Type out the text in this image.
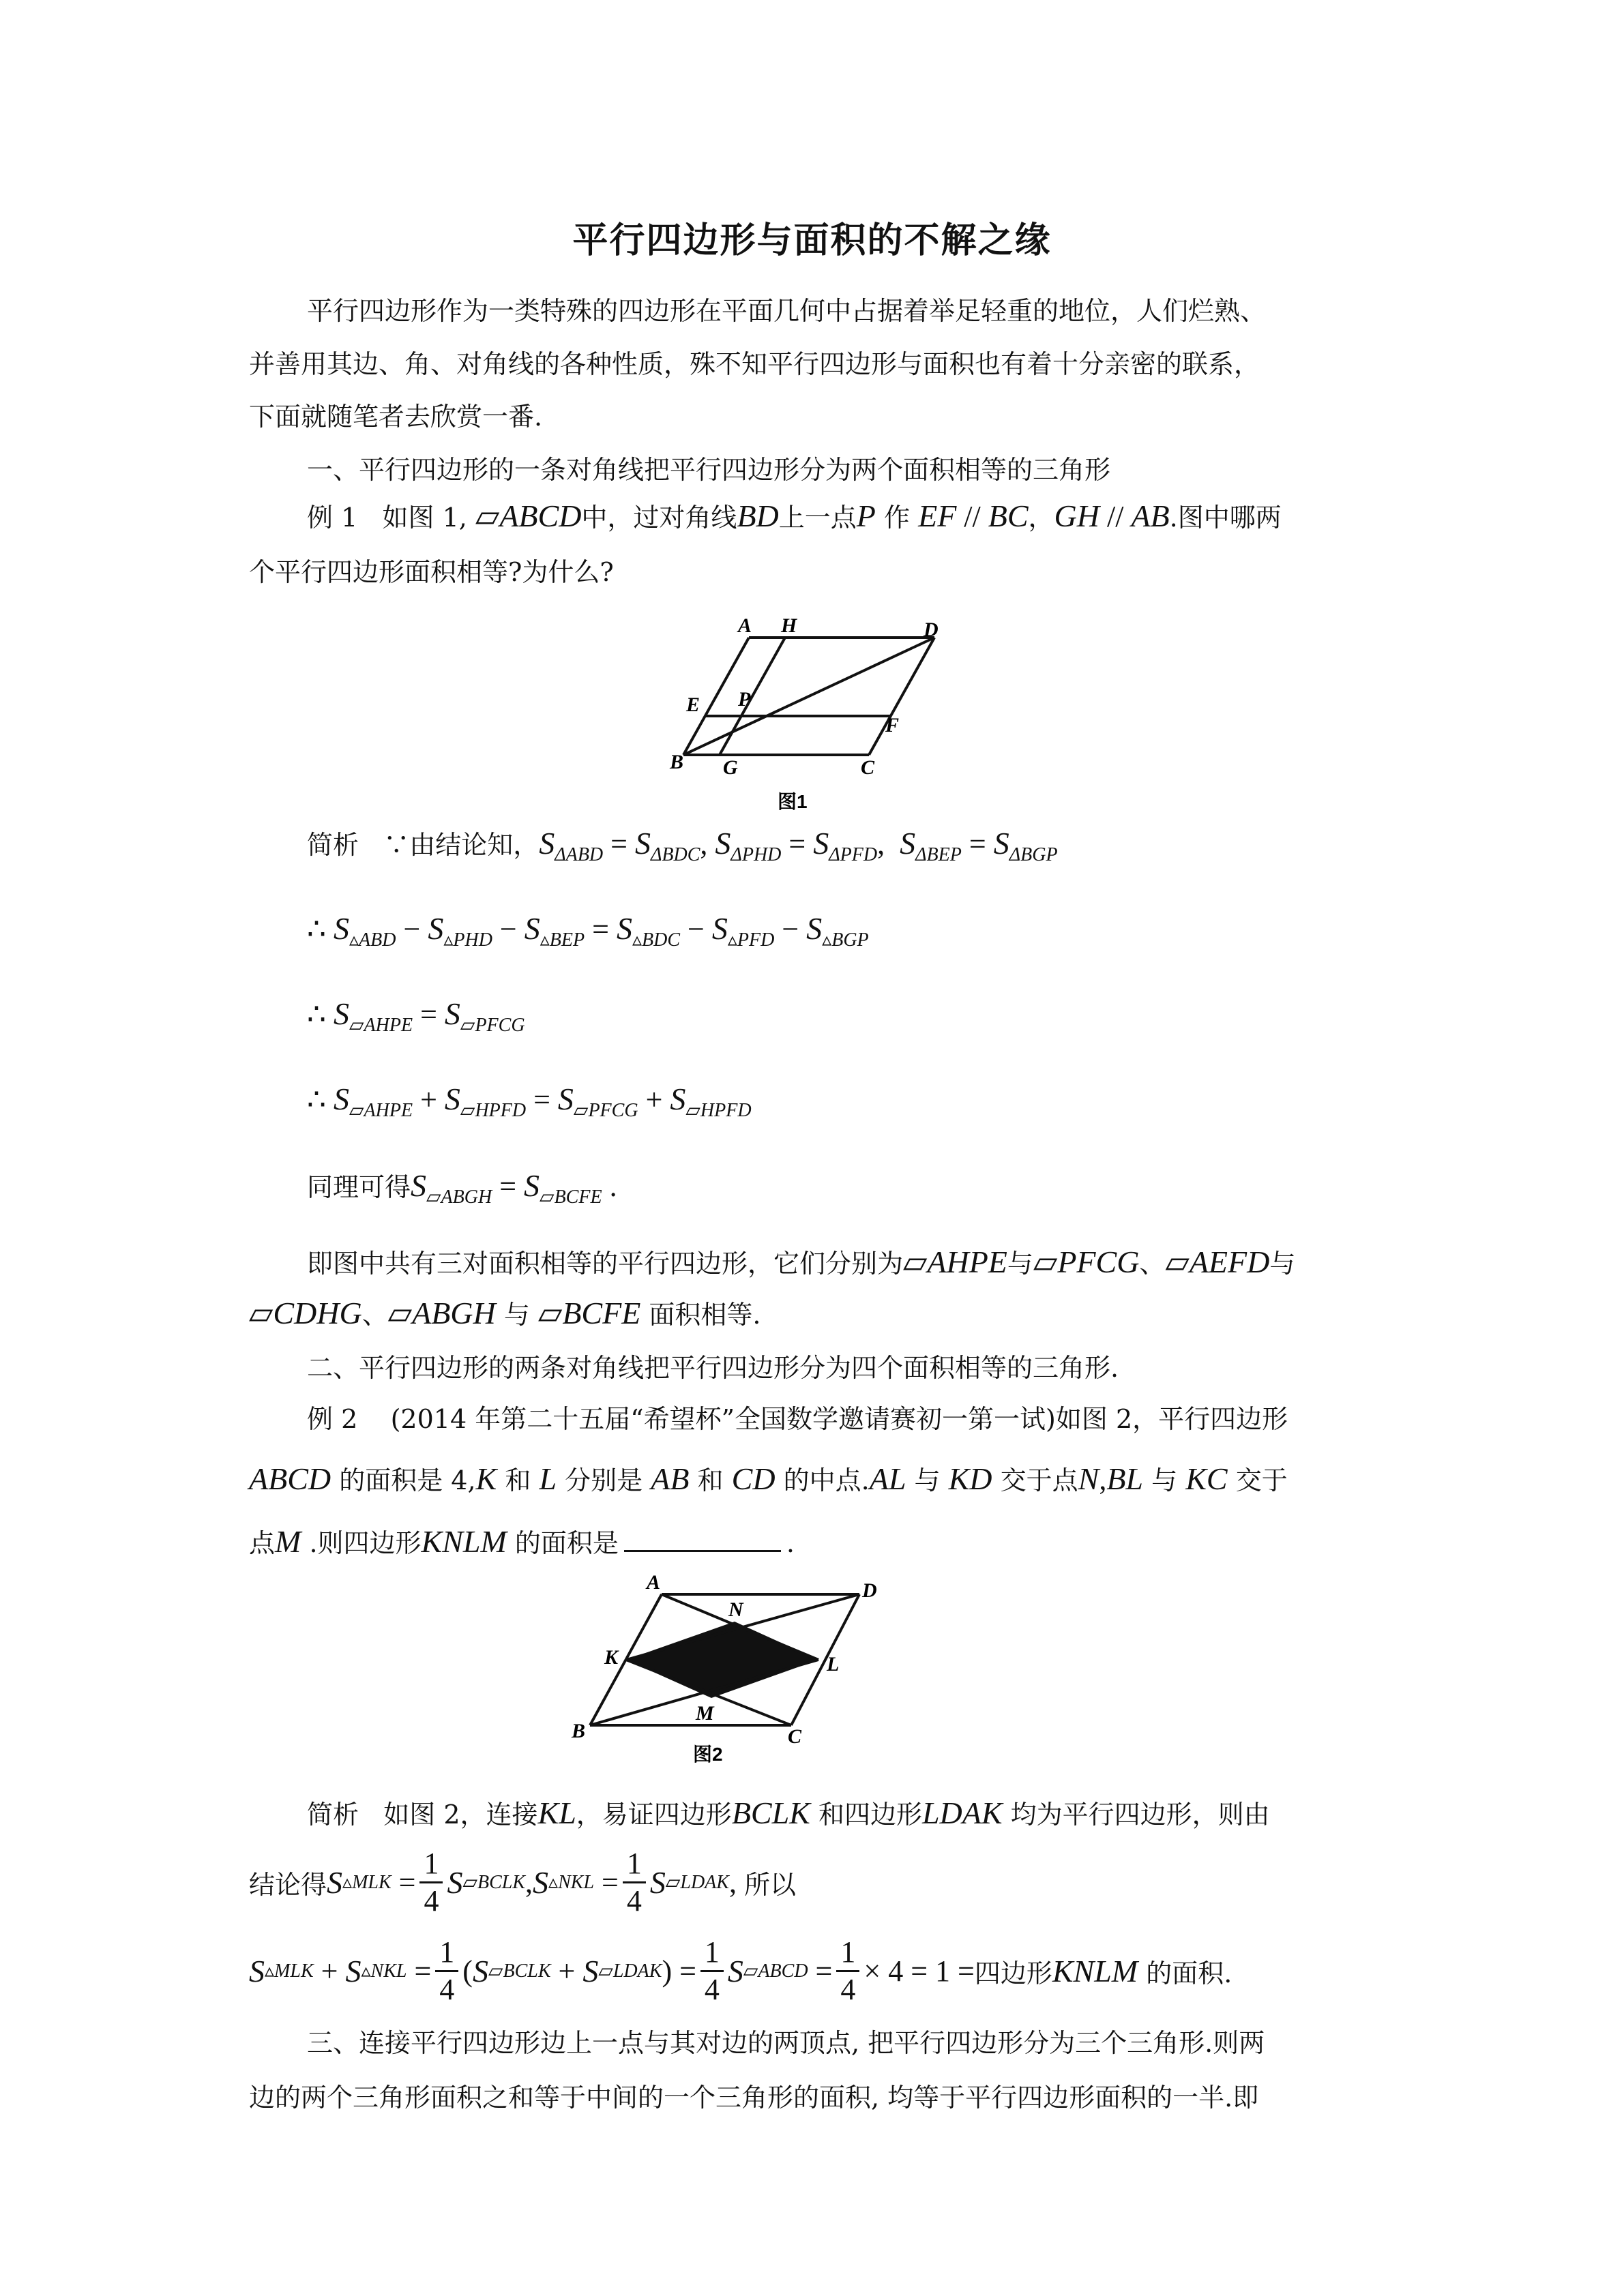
平行四边形与面积的不解之缘
平行四边形作为一类特殊的四边形在平面几何中占据着举足轻重的地位，人们烂熟、
并善用其边、角、对角线的各种性质，殊不知平行四边形与面积也有着十分亲密的联系，
下面就随笔者去欣赏一番.
一、平行四边形的一条对角线把平行四边形分为两个面积相等的三角形
例 1 如图 1, ▱ABCD中，过对角线BD上一点P 作 EF // BC，GH // AB.图中哪两
个平行四边形面积相等?为什么?
A H	D
E P
F
B G	C
图1
简析 ∵由结论知，$S_{\Delta ABD} = S_{\Delta BDC}$, $S_{\Delta PHD} = S_{\Delta PFD}$,  $S_{\Delta BEP} = S_{\Delta BGP}$
∴ $S_{▵ABD} - S_{▵PHD} - S_{▵BEP} = S_{▵BDC} - S_{▵PFD} - S_{▵BGP}$
∴ $S_{▱AHPE} = S_{▱PFCG}$
∴ $S_{▱AHPE} + S_{▱HPFD} = S_{▱PFCG} + S_{▱HPFD}$
同理可得$S_{▱ABGH} = S_{▱BCFE}$ .
即图中共有三对面积相等的平行四边形，它们分别为▱AHPE与▱PFCG、▱AEFD与
▱CDHG、▱ABGH 与 ▱BCFE 面积相等.
二、平行四边形的两条对角线把平行四边形分为四个面积相等的三角形.
例 2 (2014 年第二十五届“希望杯”全国数学邀请赛初一第一试)如图 2，平行四边形
ABCD 的面积是 4,K 和 L 分别是 AB 和 CD 的中点.AL 与 KD 交于点N,BL 与 KC 交于
点M .则四边形KNLM 的面积是	.
A
N
D
K	L
M
B	C
图2
简析 如图 2，连接KL，易证四边形BCLK 和四边形LDAK 均为平行四边形，则由
结论得 S ▵MLK = $\frac{1}{4}$ S ▱BCLK , S ▵NKL = $\frac{1}{4}$ S ▱LDAK , 所以
S ▵MLK + S ▵NKL = $\frac{1}{4}$ ( S ▱BCLK + S ▱LDAK ) = $\frac{1}{4}$ S ▱ABCD = $\frac{1}{4} \times 4 = 1$ = 四边形 KNLM
的面积.
三、连接平行四边形边上一点与其对边的两顶点, 把平行四边形分为三个三角形.则两
边的两个三角形面积之和等于中间的一个三角形的面积, 均等于平行四边形面积的一半.即
